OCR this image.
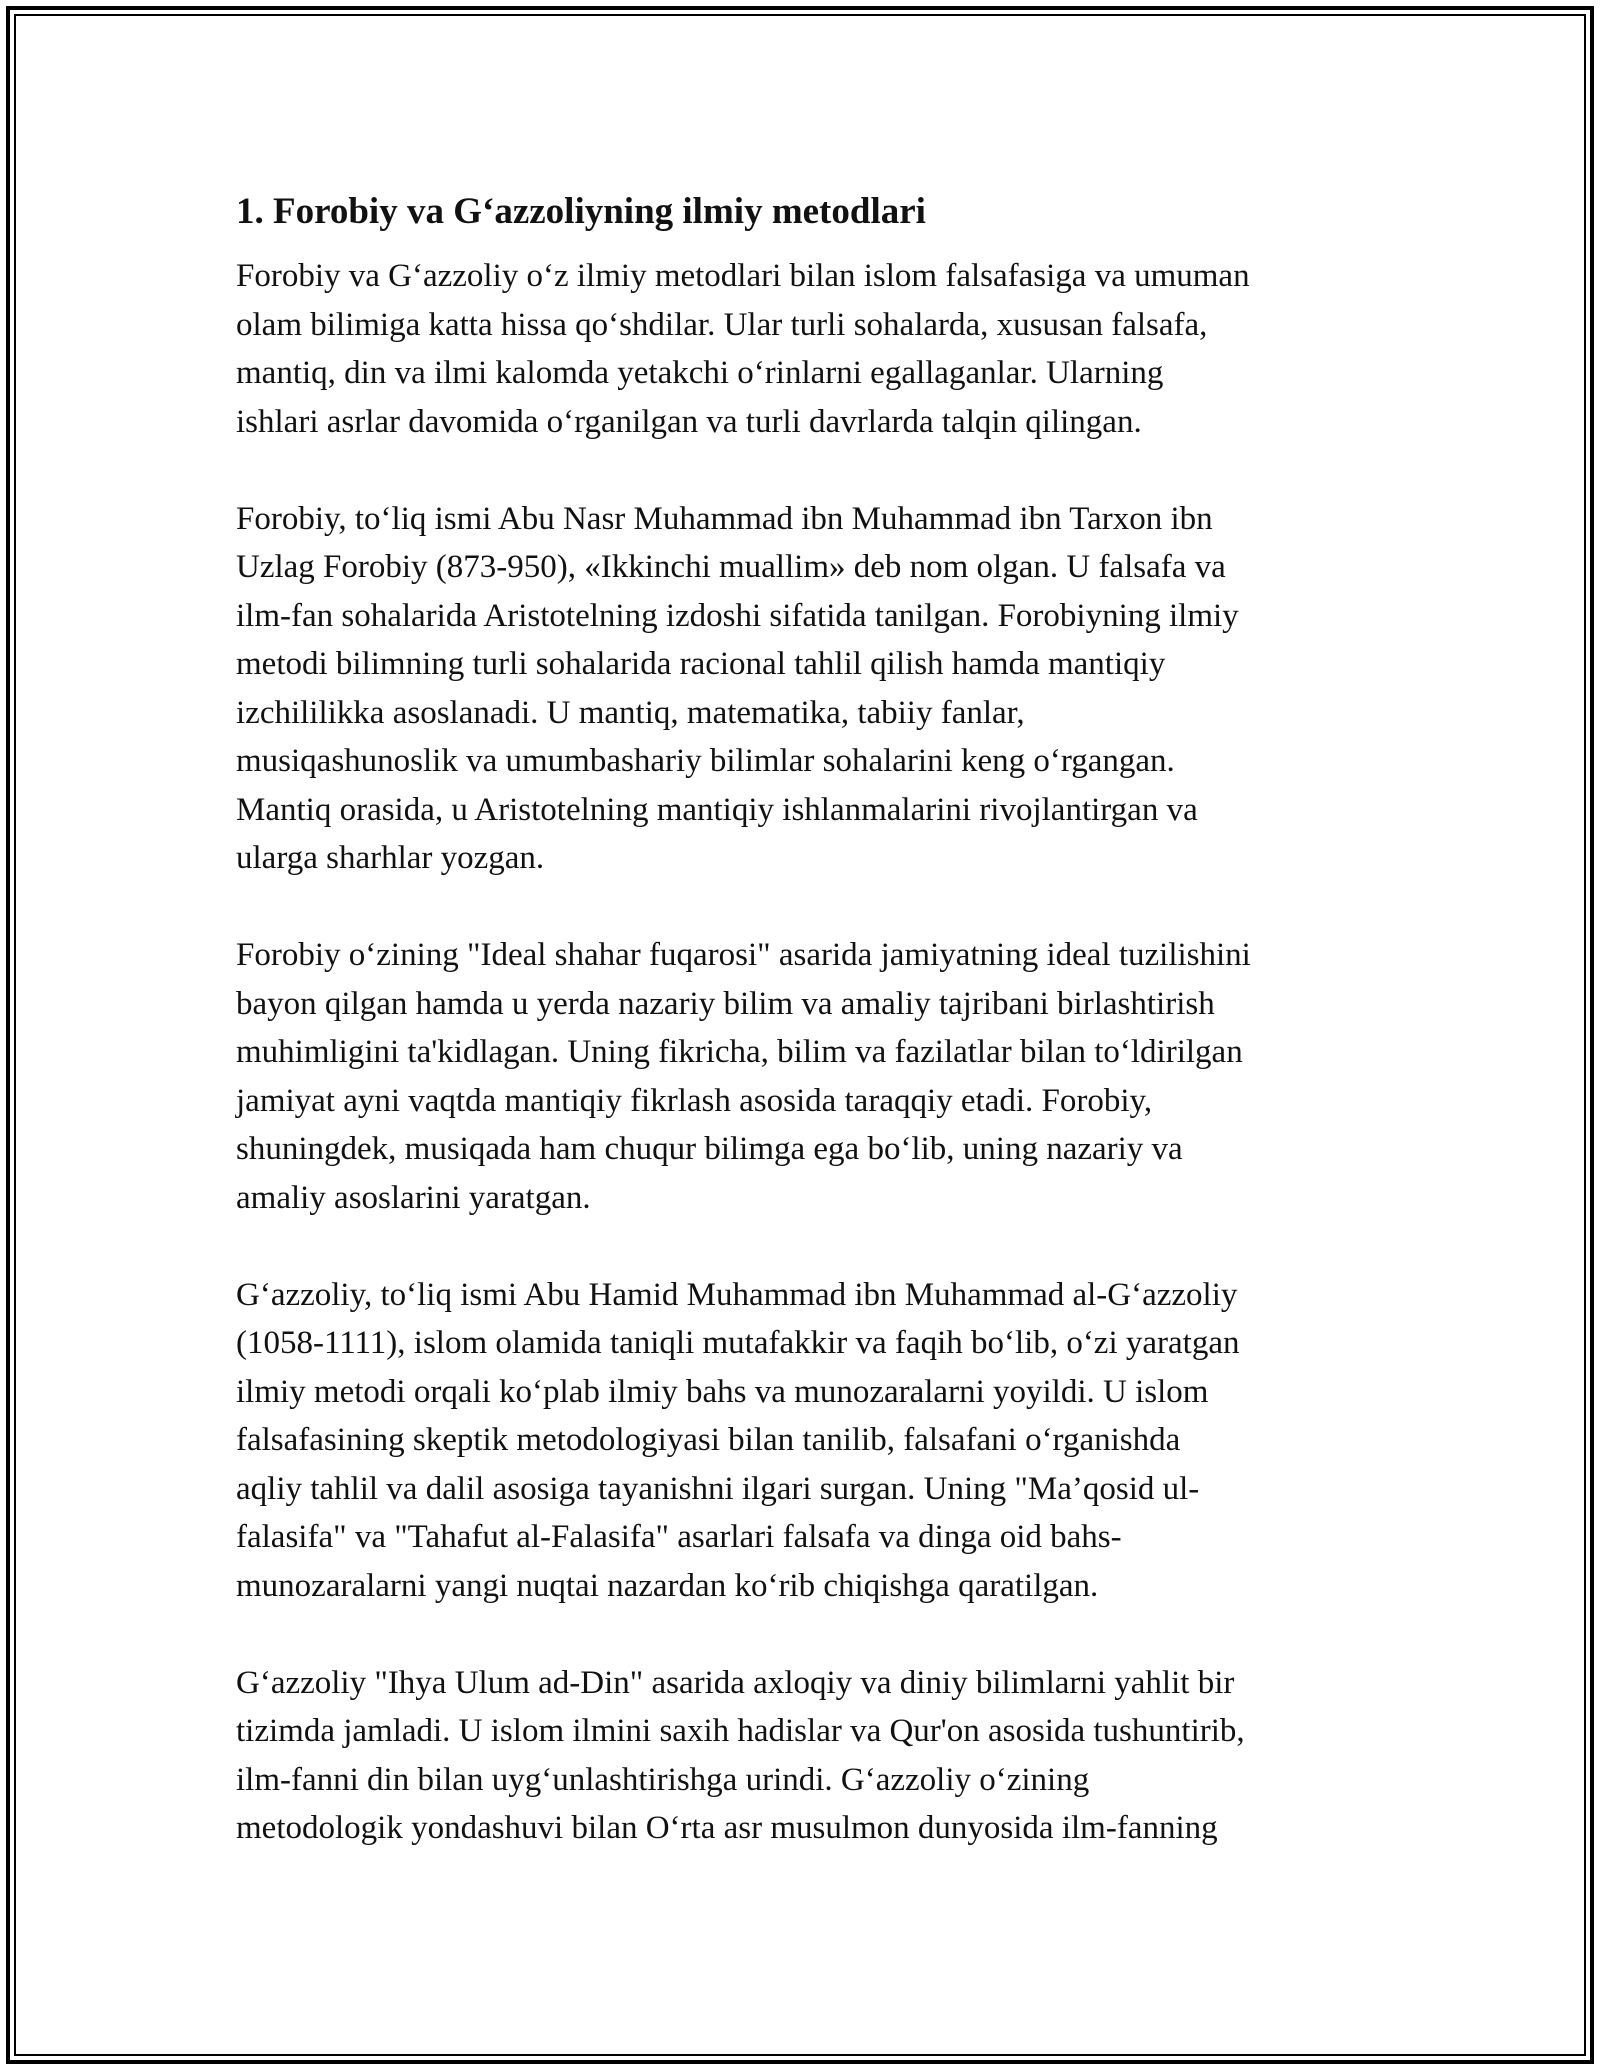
1. Forobiy va G‘azzoliyning ilmiy metodlari

Forobiy va G‘azzoliy o‘z ilmiy metodlari bilan islom falsafasiga va umuman
olam bilimiga katta hissa qo‘shdilar. Ular turli sohalarda, xususan falsafa,
mantiq, din va ilmi kalomda yetakchi o‘rinlarni egallaganlar. Ularning
ishlari asrlar davomida o‘rganilgan va turli davrlarda talqin qilingan.

Forobiy, to‘liq ismi Abu Nasr Muhammad ibn Muhammad ibn Tarxon ibn
Uzlag Forobiy (873-950), «Ikkinchi muallim» deb nom olgan. U falsafa va
ilm-fan sohalarida Aristotelning izdoshi sifatida tanilgan. Forobiyning ilmiy
metodi bilimning turli sohalarida racional tahlil qilish hamda mantiqiy
izchililikka asoslanadi. U mantiq, matematika, tabiiy fanlar,
musiqashunoslik va umumbashariy bilimlar sohalarini keng o‘rgangan.
Mantiq orasida, u Aristotelning mantiqiy ishlanmalarini rivojlantirgan va
ularga sharhlar yozgan.

Forobiy o‘zining "Ideal shahar fuqarosi" asarida jamiyatning ideal tuzilishini
bayon qilgan hamda u yerda nazariy bilim va amaliy tajribani birlashtirish
muhimligini ta'kidlagan. Uning fikricha, bilim va fazilatlar bilan to‘ldirilgan
jamiyat ayni vaqtda mantiqiy fikrlash asosida taraqqiy etadi. Forobiy,
shuningdek, musiqada ham chuqur bilimga ega bo‘lib, uning nazariy va
amaliy asoslarini yaratgan.

G‘azzoliy, to‘liq ismi Abu Hamid Muhammad ibn Muhammad al-G‘azzoliy
(1058-1111), islom olamida taniqli mutafakkir va faqih bo‘lib, o‘zi yaratgan
ilmiy metodi orqali ko‘plab ilmiy bahs va munozaralarni yoyildi. U islom
falsafasining skeptik metodologiyasi bilan tanilib, falsafani o‘rganishda
aqliy tahlil va dalil asosiga tayanishni ilgari surgan. Uning "Ma’qosid ul-
falasifa" va "Tahafut al-Falasifa" asarlari falsafa va dinga oid bahs-
munozaralarni yangi nuqtai nazardan ko‘rib chiqishga qaratilgan.

G‘azzoliy "Ihya Ulum ad-Din" asarida axloqiy va diniy bilimlarni yahlit bir
tizimda jamladi. U islom ilmini saxih hadislar va Qur'on asosida tushuntirib,
ilm-fanni din bilan uyg‘unlashtirishga urindi. G‘azzoliy o‘zining
metodologik yondashuvi bilan O‘rta asr musulmon dunyosida ilm-fanning
